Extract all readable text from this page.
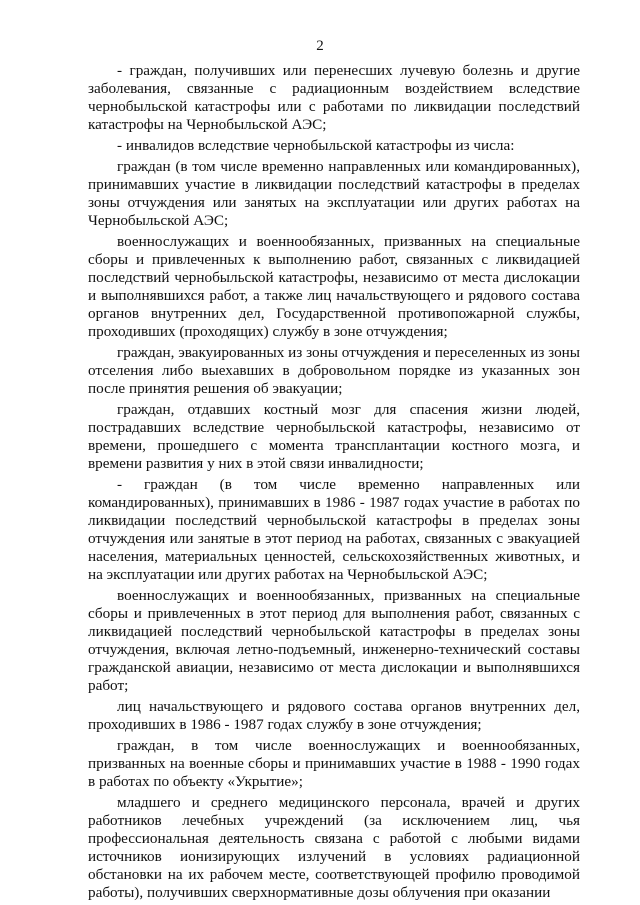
2

- граждан, получивших или перенесших лучевую болезнь и другие заболевания, связанные с радиационным воздействием вследствие чернобыльской катастрофы или с работами по ликвидации последствий катастрофы на Чернобыльской АЭС;

- инвалидов вследствие чернобыльской катастрофы из числа:

граждан (в том числе временно направленных или командированных), принимавших участие в ликвидации последствий катастрофы в пределах зоны отчуждения или занятых на эксплуатации или других работах на Чернобыльской АЭС;

военнослужащих и военнообязанных, призванных на специальные сборы и привлеченных к выполнению работ, связанных с ликвидацией последствий чернобыльской катастрофы, независимо от места дислокации и выполнявшихся работ, а также лиц начальствующего и рядового состава органов внутренних дел, Государственной противопожарной службы, проходивших (проходящих) службу в зоне отчуждения;

граждан, эвакуированных из зоны отчуждения и переселенных из зоны отселения либо выехавших в добровольном порядке из указанных зон после принятия решения об эвакуации;

граждан, отдавших костный мозг для спасения жизни людей, пострадавших вследствие чернобыльской катастрофы, независимо от времени, прошедшего с момента трансплантации костного мозга, и времени развития у них в этой связи инвалидности;

- граждан (в том числе временно направленных или командированных), принимавших в 1986 - 1987 годах участие в работах по ликвидации последствий чернобыльской катастрофы в пределах зоны отчуждения или занятые в этот период на работах, связанных с эвакуацией населения, материальных ценностей, сельскохозяйственных животных, и на эксплуатации или других работах на Чернобыльской АЭС;

военнослужащих и военнообязанных, призванных на специальные сборы и привлеченных в этот период для выполнения работ, связанных с ликвидацией последствий чернобыльской катастрофы в пределах зоны отчуждения, включая летно-подъемный, инженерно-технический составы гражданской авиации, независимо от места дислокации и выполнявшихся работ;

лиц начальствующего и рядового состава органов внутренних дел, проходивших в 1986 - 1987 годах службу в зоне отчуждения;

граждан, в том числе военнослужащих и военнообязанных, призванных на военные сборы и принимавших участие в 1988 - 1990 годах в работах по объекту «Укрытие»;

младшего и среднего медицинского персонала, врачей и других работников лечебных учреждений (за исключением лиц, чья профессиональная деятельность связана с работой с любыми видами источников ионизирующих излучений в условиях радиационной обстановки на их рабочем месте, соответствующей профилю проводимой работы), получивших сверхнормативные дозы облучения при оказании
